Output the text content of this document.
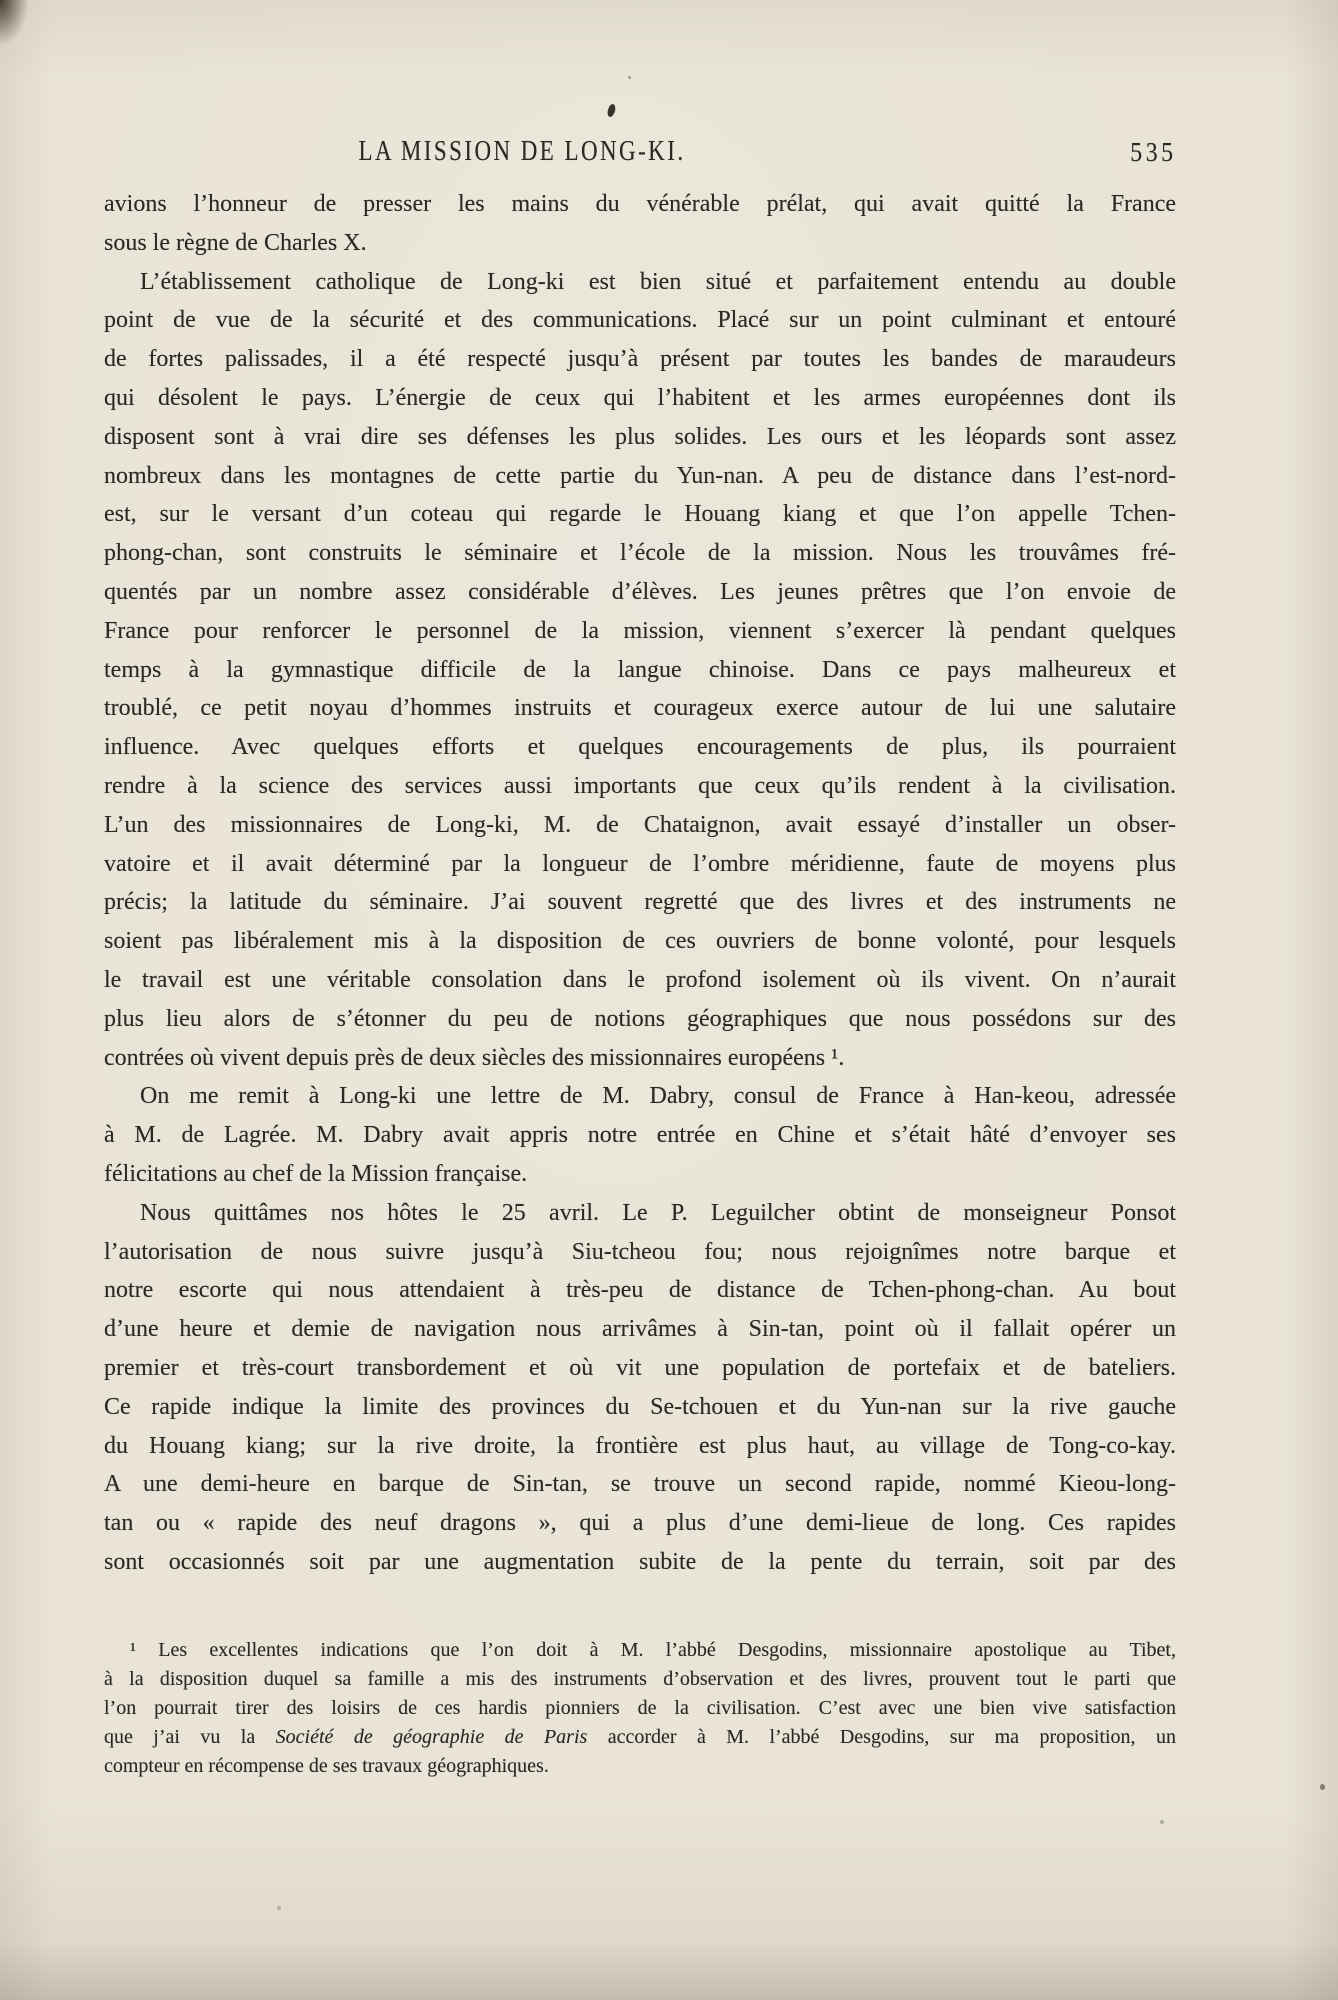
LA MISSION DE LONG-KI.	535
avions l’honneur de presser les mains du vénérable prélat, qui avait quitté la France
sous le règne de Charles X.
L’établissement catholique de Long-ki est bien situé et parfaitement entendu au double
point de vue de la sécurité et des communications. Placé sur un point culminant et entouré
de fortes palissades, il a été respecté jusqu’à présent par toutes les bandes de maraudeurs
qui désolent le pays. L’énergie de ceux qui l’habitent et les armes européennes dont ils
disposent sont à vrai dire ses défenses les plus solides. Les ours et les léopards sont assez
nombreux dans les montagnes de cette partie du Yun-nan. A peu de distance dans l’est-nord-
est, sur le versant d’un coteau qui regarde le Houang kiang et que l’on appelle Tchen-
phong-chan, sont construits le séminaire et l’école de la mission. Nous les trouvâmes fré-
quentés par un nombre assez considérable d’élèves. Les jeunes prêtres que l’on envoie de
France pour renforcer le personnel de la mission, viennent s’exercer là pendant quelques
temps à la gymnastique difficile de la langue chinoise. Dans ce pays malheureux et
troublé, ce petit noyau d’hommes instruits et courageux exerce autour de lui une salutaire
influence. Avec quelques efforts et quelques encouragements de plus, ils pourraient
rendre à la science des services aussi importants que ceux qu’ils rendent à la civilisation.
L’un des missionnaires de Long-ki, M. de Chataignon, avait essayé d’installer un obser-
vatoire et il avait déterminé par la longueur de l’ombre méridienne, faute de moyens plus
précis; la latitude du séminaire. J’ai souvent regretté que des livres et des instruments ne
soient pas libéralement mis à la disposition de ces ouvriers de bonne volonté, pour lesquels
le travail est une véritable consolation dans le profond isolement où ils vivent. On n’aurait
plus lieu alors de s’étonner du peu de notions géographiques que nous possédons sur des
contrées où vivent depuis près de deux siècles des missionnaires européens ¹.
On me remit à Long-ki une lettre de M. Dabry, consul de France à Han-keou, adressée
à M. de Lagrée. M. Dabry avait appris notre entrée en Chine et s’était hâté d’envoyer ses
félicitations au chef de la Mission française.
Nous quittâmes nos hôtes le 25 avril. Le P. Leguilcher obtint de monseigneur Ponsot
l’autorisation de nous suivre jusqu’à Siu-tcheou fou; nous rejoignîmes notre barque et
notre escorte qui nous attendaient à très-peu de distance de Tchen-phong-chan. Au bout
d’une heure et demie de navigation nous arrivâmes à Sin-tan, point où il fallait opérer un
premier et très-court transbordement et où vit une population de portefaix et de bateliers.
Ce rapide indique la limite des provinces du Se-tchouen et du Yun-nan sur la rive gauche
du Houang kiang; sur la rive droite, la frontière est plus haut, au village de Tong-co-kay.
A une demi-heure en barque de Sin-tan, se trouve un second rapide, nommé Kieou-long-
tan ou « rapide des neuf dragons », qui a plus d’une demi-lieue de long. Ces rapides
sont occasionnés soit par une augmentation subite de la pente du terrain, soit par des
¹ Les excellentes indications que l’on doit à M. l’abbé Desgodins, missionnaire apostolique au Tibet,
à la disposition duquel sa famille a mis des instruments d’observation et des livres, prouvent tout le parti que
l’on pourrait tirer des loisirs de ces hardis pionniers de la civilisation. C’est avec une bien vive satisfaction
que j’ai vu la Société de géographie de Paris accorder à M. l’abbé Desgodins, sur ma proposition, un
compteur en récompense de ses travaux géographiques.
